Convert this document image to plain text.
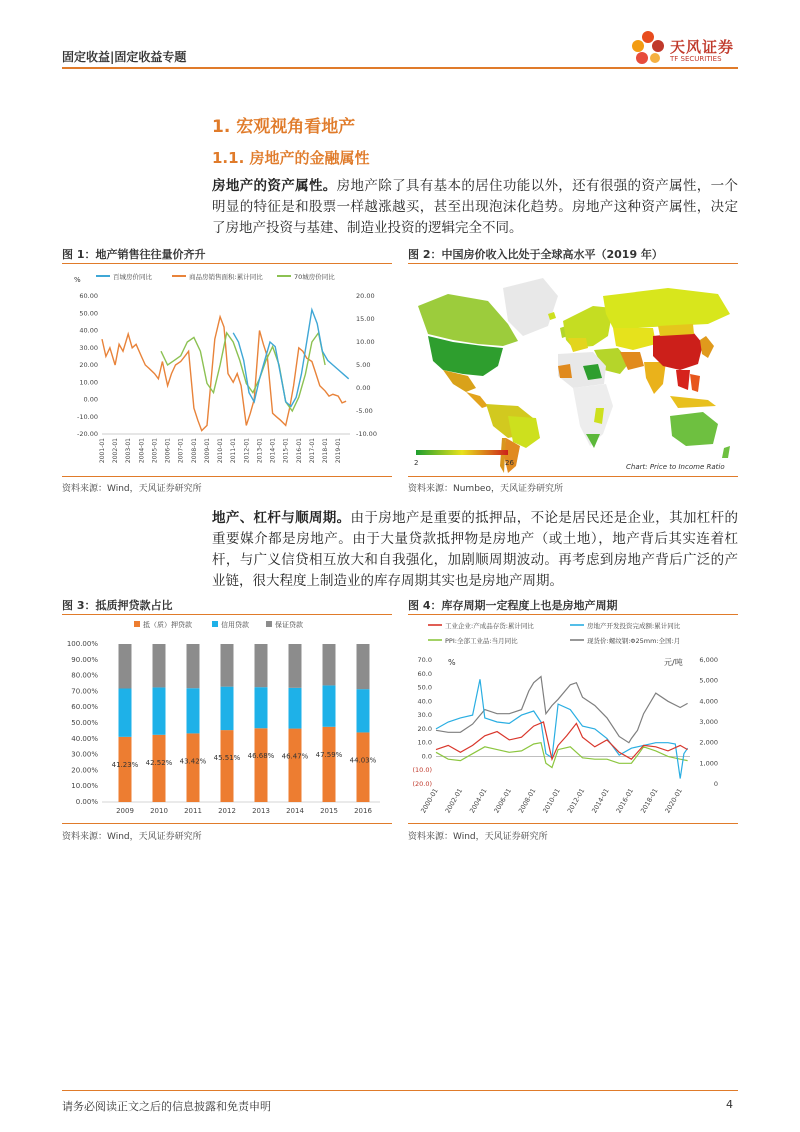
固定收益|固定收益专题
天风证券
TF SECURITIES
1. 宏观视角看地产
1.1. 房地产的金融属性
房地产的资产属性。房地产除了具有基本的居住功能以外，还有很强的资产属性，一个明显的特征是和股票一样越涨越买，甚至出现泡沫化趋势。房地产这种资产属性，决定了房地产投资与基建、制造业投资的逻辑完全不同。
图 1：地产销售往往量价齐升
%	百城房价同比	商品房销售面积:累计同比	70城房价同比
60.00
50.00
40.00
30.00
20.00
10.00
0.00
-10.00
-20.00
20.00
15.00
10.00
5.00
0.00
-5.00
-10.00
2001-01 2002-01 2003-01 2004-01 2005-01 2006-01 2007-01 2008-01 2009-01 2010-01 2011-01 2012-01 2013-01 2014-01 2015-01 2016-01 2017-01 2018-01 2019-01
资料来源：Wind，天风证券研究所
图 2：中国房价收入比处于全球高水平（2019 年）
2	26	Chart: Price to Income Ratio
资料来源：Numbeo，天风证券研究所
地产、杠杆与顺周期。由于房地产是重要的抵押品，不论是居民还是企业，其加杠杆的重要媒介都是房地产。由于大量贷款抵押物是房地产（或土地），地产背后其实连着杠杆，与广义信贷相互放大和自我强化，加剧顺周期波动。再考虑到房地产背后广泛的产业链，很大程度上制造业的库存周期其实也是房地产周期。
图 3：抵质押贷款占比
抵（质）押贷款	信用贷款	保证贷款
100.00%
90.00%
80.00%
70.00%
60.00%
50.00%
40.00%
30.00%
20.00%
10.00%
0.00%
41.23%
2009
42.52%
2010
43.42%
2011
45.51%
2012
46.68%
2013
46.47%
2014
47.59%
2015
44.03%
2016
资料来源：Wind，天风证券研究所
图 4：库存周期一定程度上也是房地产周期
工业企业:产成品存货:累计同比	房地产开发投资完成额:累计同比
PPI:全部工业品:当月同比	现货价:螺纹钢:Φ25mm:全国:月
%	元/吨
70.0
60.0
50.0
40.0
30.0
20.0
10.0
0.0
(10.0)
(20.0)
6,000
5,000
4,000
3,000
2,000
1,000
0
2000-01 2002-01 2004-01 2006-01 2008-01 2010-01 2012-01 2014-01 2016-01 2018-01 2020-01
资料来源：Wind，天风证券研究所
请务必阅读正文之后的信息披露和免责申明	4
